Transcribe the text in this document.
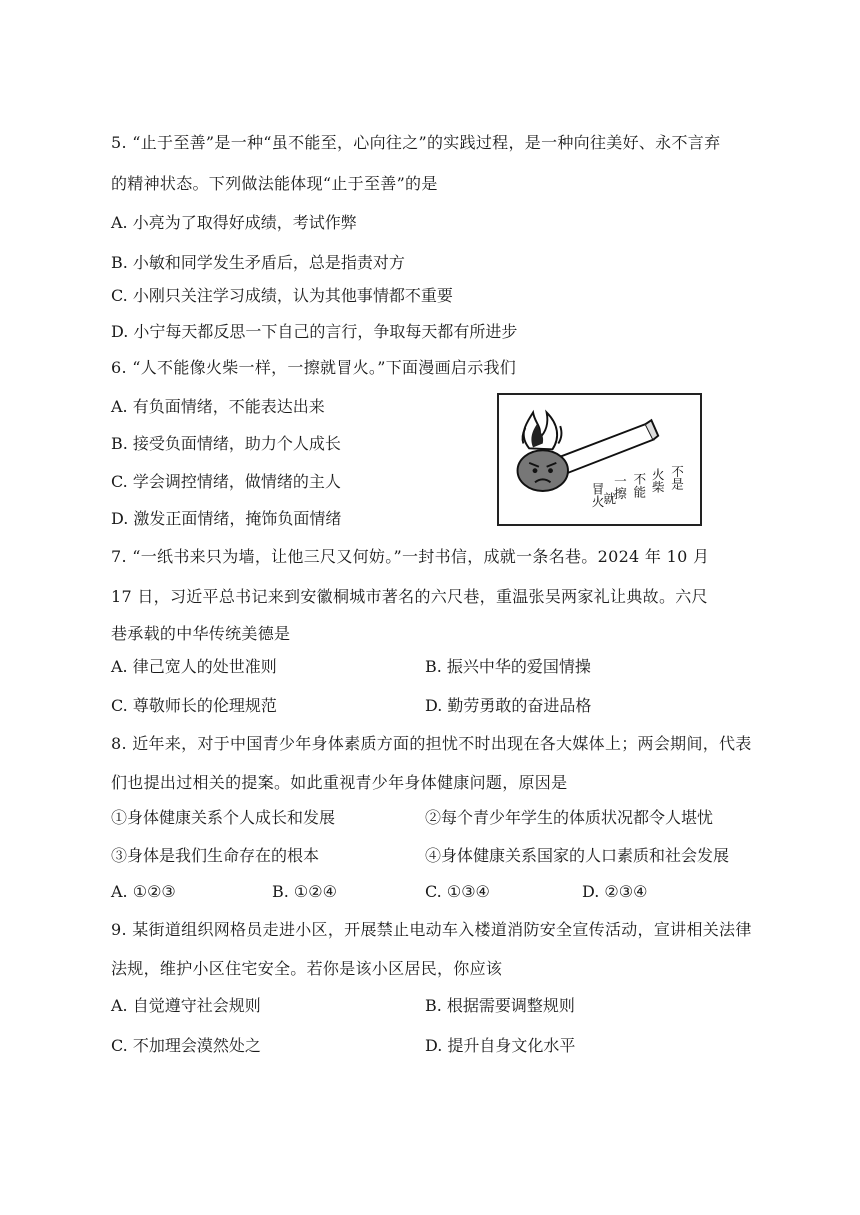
5. “止于至善”是一种“虽不能至，心向往之”的实践过程，是一种向往美好、永不言弃
的精神状态。下列做法能体现“止于至善”的是
A. 小亮为了取得好成绩，考试作弊
B. 小敏和同学发生矛盾后，总是指责对方
C. 小刚只关注学习成绩，认为其他事情都不重要
D. 小宁每天都反思一下自己的言行，争取每天都有所进步
6. “人不能像火柴一样，一擦就冒火。”下面漫画启示我们
A. 有负面情绪，不能表达出来
B. 接受负面情绪，助力个人成长
C. 学会调控情绪，做情绪的主人
D. 激发正面情绪，掩饰负面情绪
不是
火柴
不能
一擦
就
冒火
7. “一纸书来只为墙，让他三尺又何妨。”一封书信，成就一条名巷。2024 年 10 月
17 日，习近平总书记来到安徽桐城市著名的六尺巷，重温张吴两家礼让典故。六尺
巷承载的中华传统美德是
A. 律己宽人的处世准则	B. 振兴中华的爱国情操
C. 尊敬师长的伦理规范	D. 勤劳勇敢的奋进品格
8. 近年来，对于中国青少年身体素质方面的担忧不时出现在各大媒体上；两会期间，代表
们也提出过相关的提案。如此重视青少年身体健康问题，原因是
①身体健康关系个人成长和发展	②每个青少年学生的体质状况都令人堪忧
③身体是我们生命存在的根本	④身体健康关系国家的人口素质和社会发展
A. ①②③	B. ①②④	C. ①③④	D. ②③④
9. 某街道组织网格员走进小区，开展禁止电动车入楼道消防安全宣传活动，宣讲相关法律
法规，维护小区住宅安全。若你是该小区居民，你应该
A. 自觉遵守社会规则	B. 根据需要调整规则
C. 不加理会漠然处之	D. 提升自身文化水平
